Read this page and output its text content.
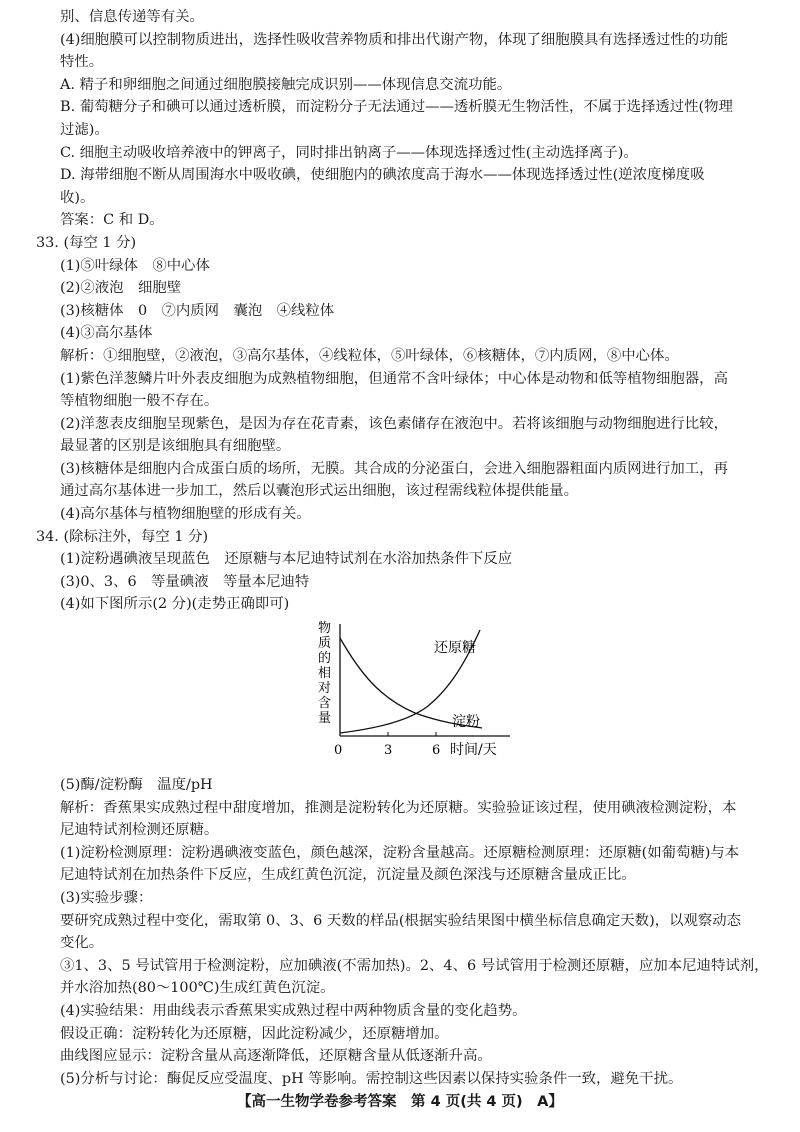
别、信息传递等有关。
(4)细胞膜可以控制物质进出，选择性吸收营养物质和排出代谢产物，体现了细胞膜具有选择透过性的功能
特性。
A. 精子和卵细胞之间通过细胞膜接触完成识别——体现信息交流功能。
B. 葡萄糖分子和碘可以通过透析膜，而淀粉分子无法通过——透析膜无生物活性，不属于选择透过性(物理
过滤)。
C. 细胞主动吸收培养液中的钾离子，同时排出钠离子——体现选择透过性(主动选择离子)。
D. 海带细胞不断从周围海水中吸收碘，使细胞内的碘浓度高于海水——体现选择透过性(逆浓度梯度吸
收)。
答案：C 和 D。
33. (每空 1 分)
(1)⑤叶绿体　⑧中心体
(2)②液泡　细胞壁
(3)核糖体　0　⑦内质网　囊泡　④线粒体
(4)③高尔基体
解析：①细胞壁，②液泡，③高尔基体，④线粒体，⑤叶绿体，⑥核糖体，⑦内质网，⑧中心体。
(1)紫色洋葱鳞片叶外表皮细胞为成熟植物细胞，但通常不含叶绿体；中心体是动物和低等植物细胞器，高
等植物细胞一般不存在。
(2)洋葱表皮细胞呈现紫色，是因为存在花青素，该色素储存在液泡中。若将该细胞与动物细胞进行比较，
最显著的区别是该细胞具有细胞壁。
(3)核糖体是细胞内合成蛋白质的场所，无膜。其合成的分泌蛋白，会进入细胞器粗面内质网进行加工，再
通过高尔基体进一步加工，然后以囊泡形式运出细胞，该过程需线粒体提供能量。
(4)高尔基体与植物细胞壁的形成有关。
34. (除标注外，每空 1 分)
(1)淀粉遇碘液呈现蓝色　还原糖与本尼迪特试剂在水浴加热条件下反应
(3)0、3、6　等量碘液　等量本尼迪特
(4)如下图所示(2 分)(走势正确即可)
物质的相对含量
还原糖
淀粉
0	3	6 时间/天
(5)酶/淀粉酶　温度/pH
解析：香蕉果实成熟过程中甜度增加，推测是淀粉转化为还原糖。实验验证该过程，使用碘液检测淀粉，本
尼迪特试剂检测还原糖。
(1)淀粉检测原理：淀粉遇碘液变蓝色，颜色越深，淀粉含量越高。还原糖检测原理：还原糖(如葡萄糖)与本
尼迪特试剂在加热条件下反应，生成红黄色沉淀，沉淀量及颜色深浅与还原糖含量成正比。
(3)实验步骤：
要研究成熟过程中变化，需取第 0、3、6 天数的样品(根据实验结果图中横坐标信息确定天数)，以观察动态
变化。
③1、3、5 号试管用于检测淀粉，应加碘液(不需加热)。2、4、6 号试管用于检测还原糖，应加本尼迪特试剂，
并水浴加热(80～100℃)生成红黄色沉淀。
(4)实验结果：用曲线表示香蕉果实成熟过程中两种物质含量的变化趋势。
假设正确：淀粉转化为还原糖，因此淀粉减少，还原糖增加。
曲线图应显示：淀粉含量从高逐渐降低，还原糖含量从低逐渐升高。
(5)分析与讨论：酶促反应受温度、pH 等影响。需控制这些因素以保持实验条件一致，避免干扰。
【高一生物学卷参考答案　第 4 页(共 4 页)　A】
